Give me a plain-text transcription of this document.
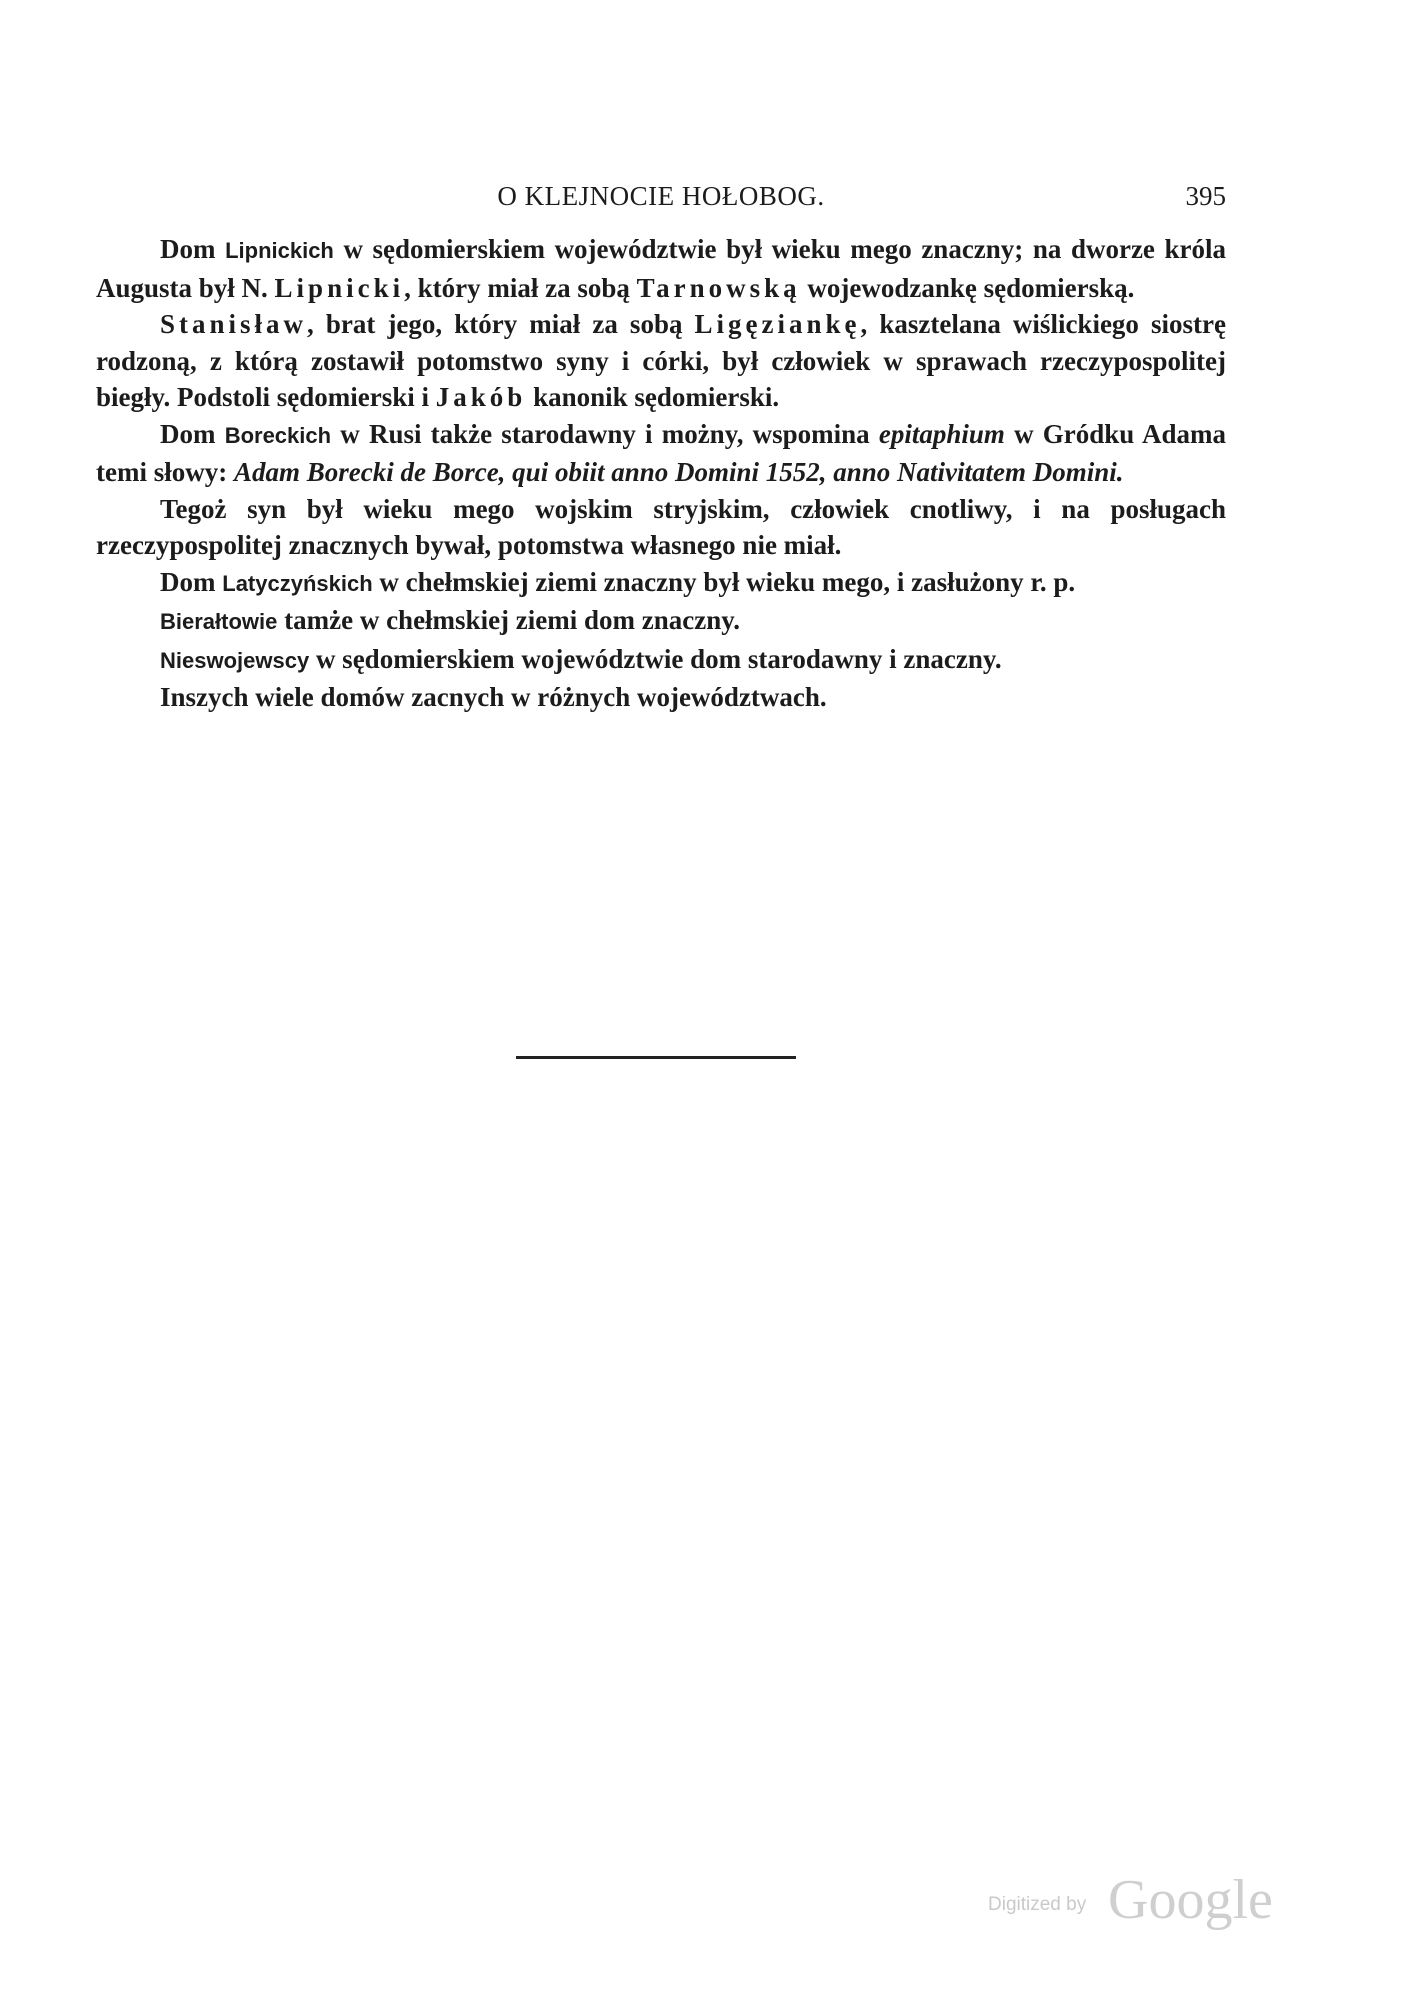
O KLEJNOCIE HOŁOBOG.	395

Dom Lipnickich w sędomierskiem województwie był wieku mego znaczny; na dworze króla Augusta był N. Lipnicki, który miał za sobą Tarnowską wojewodzankę sędomierską.

Stanisław, brat jego, który miał za sobą Ligęziankę, kasztelana wiślickiego siostrę rodzoną, z którą zostawił potomstwo syny i córki, był człowiek w sprawach rzeczypospolitej biegły. Podstoli sędomierski i Jakób kanonik sędomierski.

Dom Boreckich w Rusi także starodawny i możny, wspomina epitaphium w Gródku Adama temi słowy: Adam Borecki de Borce, qui obiit anno Domini 1552, anno Nativitatem Domini.

Tegoż syn był wieku mego wojskim stryjskim, człowiek cnotliwy, i na posługach rzeczypospolitej znacznych bywał, potomstwa własnego nie miał.

Dom Latyczyńskich w chełmskiej ziemi znaczny był wieku mego, i zasłużony r. p.

Bierałtowie tamże w chełmskiej ziemi dom znaczny.

Nieswojewscy w sędomierskiem województwie dom starodawny i znaczny.

Inszych wiele domów zacnych w różnych województwach.

Digitized by Google
